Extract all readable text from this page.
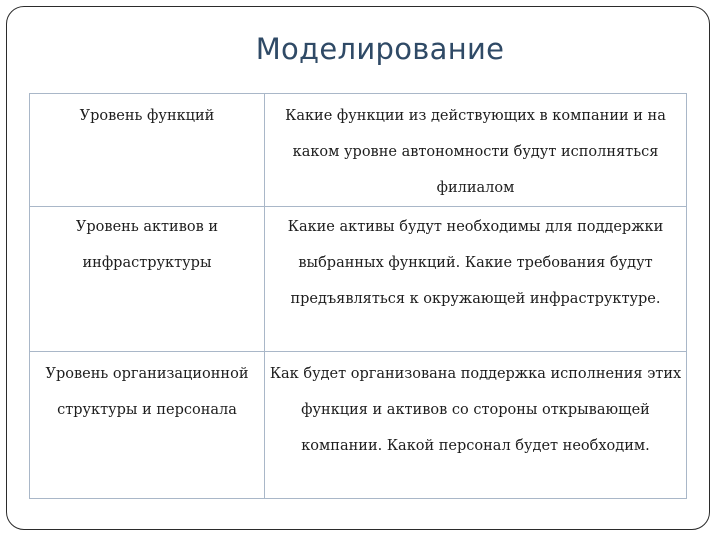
Моделирование
Уровень функций	Какие функции из действующих в компании и на каком уровне автономности будут исполняться филиалом

Уровень активов и инфраструктуры	Какие активы будут необходимы для поддержки выбранных функций. Какие требования будут предъявляться к окружающей инфраструктуре.

Уровень организационной структуры и персонала	Как будет организована поддержка исполнения этих функция и активов со стороны открывающей компании. Какой персонал будет необходим.
